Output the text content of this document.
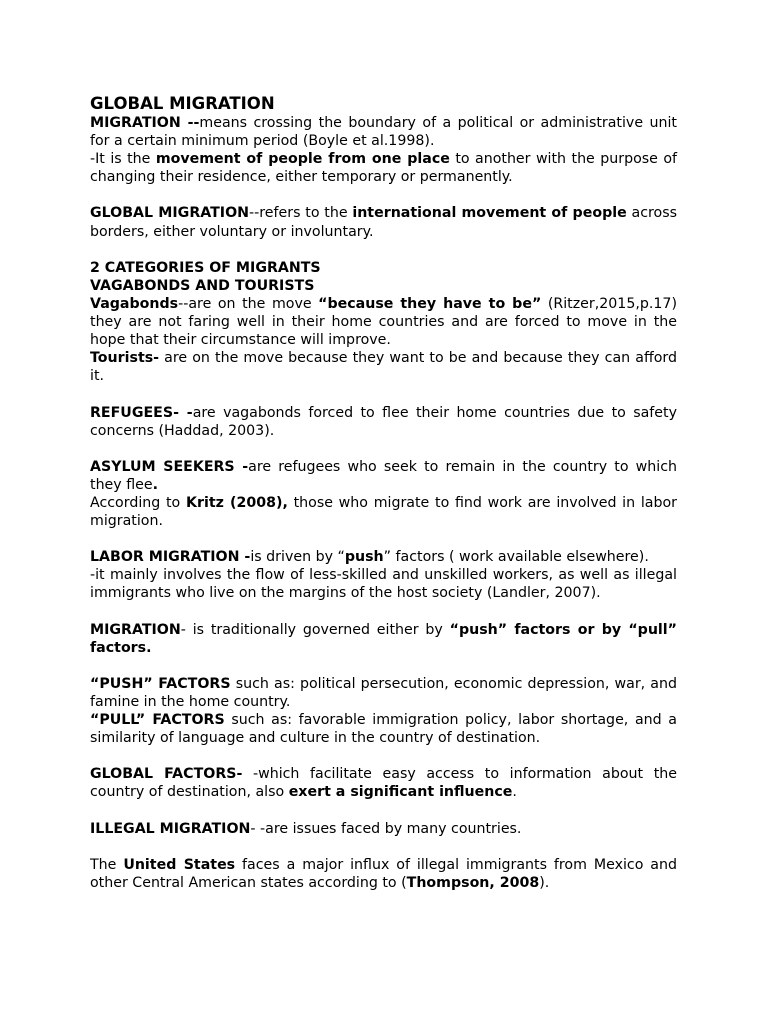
GLOBAL MIGRATION

MIGRATION --means crossing the boundary of a political or administrative unit for a certain minimum period (Boyle et al.1998).

-It is the movement of people from one place to another with the purpose of changing their residence, either temporary or permanently.

GLOBAL MIGRATION--refers to the international movement of people across borders, either voluntary or involuntary.

2 CATEGORIES OF MIGRANTS

VAGABONDS AND TOURISTS

Vagabonds--are on the move “because they have to be” (Ritzer,2015,p.17) they are not faring well in their home countries and are forced to move in the hope that their circumstance will improve.

Tourists- are on the move because they want to be and because they can afford it.

REFUGEES- -are vagabonds forced to flee their home countries due to safety concerns (Haddad, 2003).

ASYLUM SEEKERS -are refugees who seek to remain in the country to which they flee.

According to Kritz (2008), those who migrate to find work are involved in labor migration.

LABOR MIGRATION -is driven by “push” factors ( work available elsewhere).

-it mainly involves the flow of less-skilled and unskilled workers, as well as illegal immigrants who live on the margins of the host society (Landler, 2007).

MIGRATION- is traditionally governed either by “push” factors or by “pull” factors.

“PUSH” FACTORS such as: political persecution, economic depression, war, and famine in the home country.

“PULL” FACTORS such as: favorable immigration policy, labor shortage, and a similarity of language and culture in the country of destination.

GLOBAL FACTORS- -which facilitate easy access to information about the country of destination, also exert a significant influence.

ILLEGAL MIGRATION- -are issues faced by many countries.

The United States faces a major influx of illegal immigrants from Mexico and other Central American states according to (Thompson, 2008).
